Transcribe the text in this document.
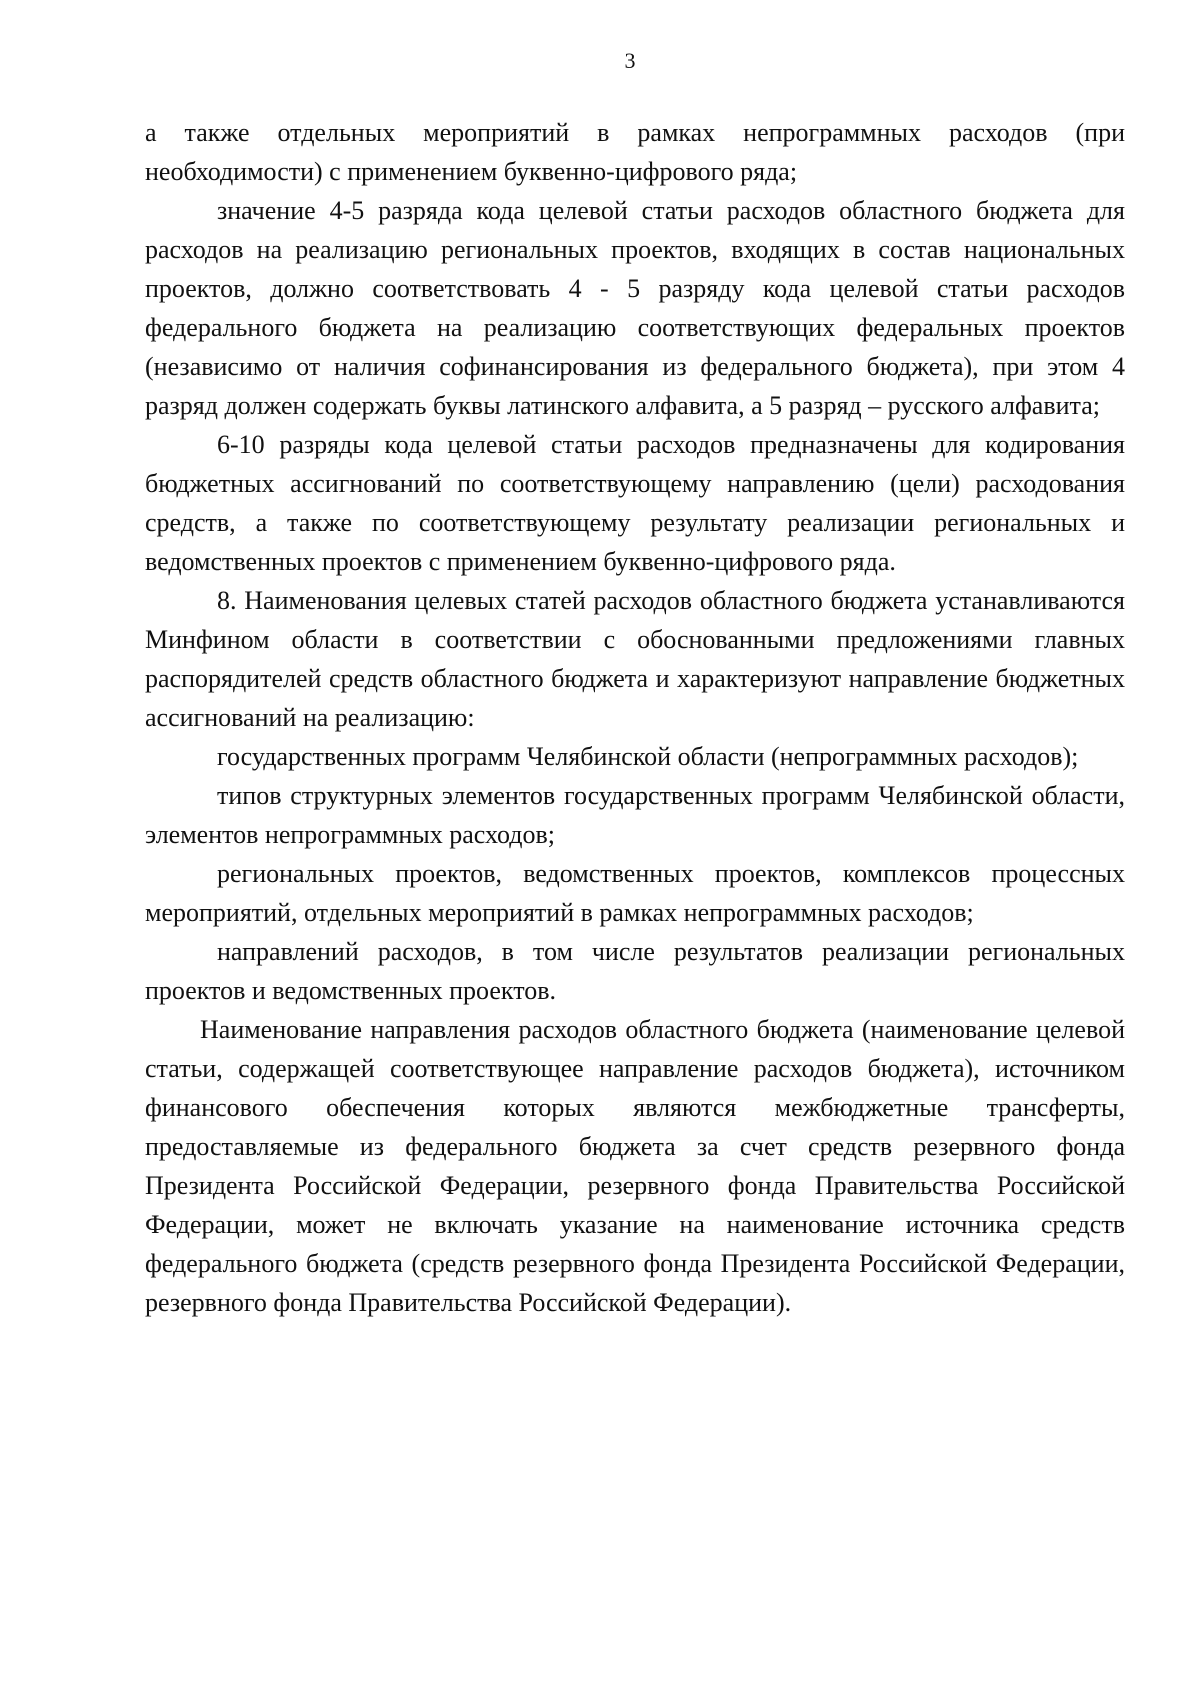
3

а также отдельных мероприятий в рамках непрограммных расходов (при необходимости) с применением буквенно-цифрового ряда;

значение 4-5 разряда кода целевой статьи расходов областного бюджета для расходов на реализацию региональных проектов, входящих в состав национальных проектов, должно соответствовать 4 - 5 разряду кода целевой статьи расходов федерального бюджета на реализацию соответствующих федеральных проектов (независимо от наличия софинансирования из федерального бюджета), при этом 4 разряд должен содержать буквы латинского алфавита, а 5 разряд – русского алфавита;

6-10 разряды кода целевой статьи расходов предназначены для кодирования бюджетных ассигнований по соответствующему направлению (цели) расходования средств, а также по соответствующему результату реализации региональных и ведомственных проектов с применением буквенно-цифрового ряда.

8. Наименования целевых статей расходов областного бюджета устанавливаются Минфином области в соответствии с обоснованными предложениями главных распорядителей средств областного бюджета и характеризуют направление бюджетных ассигнований на реализацию:

государственных программ Челябинской области (непрограммных расходов);

типов структурных элементов государственных программ Челябинской области, элементов непрограммных расходов;

региональных проектов, ведомственных проектов, комплексов процессных мероприятий, отдельных мероприятий в рамках непрограммных расходов;

направлений расходов, в том числе результатов реализации региональных проектов и ведомственных проектов.

Наименование направления расходов областного бюджета (наименование целевой статьи, содержащей соответствующее направление расходов бюджета), источником финансового обеспечения которых являются межбюджетные трансферты, предоставляемые из федерального бюджета за счет средств резервного фонда Президента Российской Федерации, резервного фонда Правительства Российской Федерации, может не включать указание на наименование источника средств федерального бюджета (средств резервного фонда Президента Российской Федерации, резервного фонда Правительства Российской Федерации).
